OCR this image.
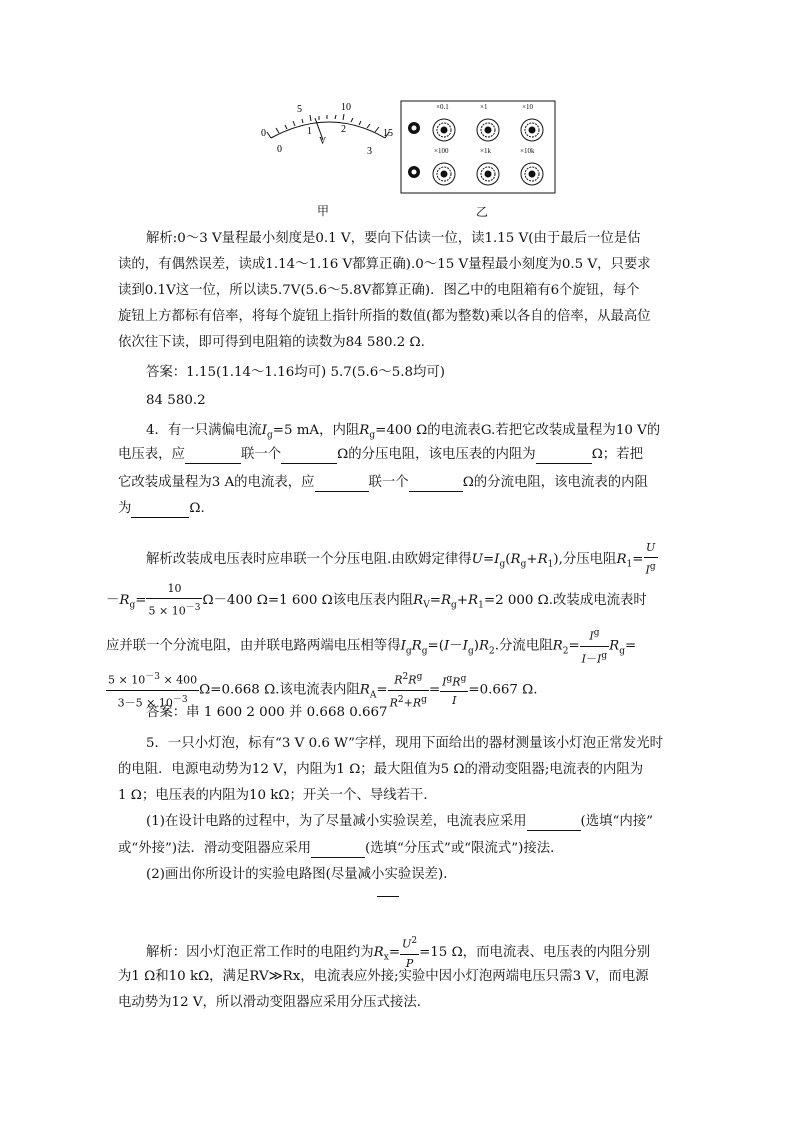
0
5	10
15
0
1	2
3
V
甲
×0.1	×1	×10
×100	×1k	×10k
乙
解析:0～3 V量程最小刻度是0.1 V，要向下估读一位，读1.15 V(由于最后一位是估
读的，有偶然误差，读成1.14～1.16 V都算正确).0～15 V量程最小刻度为0.5 V，只要求
读到0.1V这一位，所以读5.7V(5.6～5.8V都算正确)．图乙中的电阻箱有6个旋钮，每个
旋钮上方都标有倍率，将每个旋钮上指针所指的数值(都为整数)乘以各自的倍率，从最高位
依次往下读，即可得到电阻箱的读数为84 580.2 Ω.
答案：1.15(1.14～1.16均可) 5.7(5.6～5.8均可)
84 580.2
4．有一只满偏电流$I_g=5$ mA，内阻$R_g=400$ Ω的电流表G.若把它改装成量程为10 V的
电压表，应	联一个	Ω的分压电阻，该电压表的内阻为	Ω；若把
它改装成量程为3 A的电流表，应	联一个	Ω的分流电阻，该电流表的内阻
为	Ω.
解析改装成电压表时应串联一个分压电阻.由欧姆定律得$U=I_g(R_g+R_1)$,分压电阻$R_1= \frac{U}{I^g}$
$-R_g= \frac{10}{5 \times 10^{-3}} \Omega-400$ Ω=1 600 Ω该电压表内阻$R_V=R_g+R_1=2$ 000 Ω.改装成电流表时
应并联一个分流电阻，由并联电路两端电压相等得$I_gR_g=(I-I_g)R_2$.分流电阻$R_2= \frac{I^g}{I-I^g} R_g=$
$\frac{5 \times 10^{-3} \times 400}{3-5 \times 10^{-3}} \Omega=0.668$ Ω.该电流表内阻$R_A= \frac{R^2R^g}{R^2+R^g} = \frac{I^gR^g}{I} =0.667$ Ω.
答案：串 1 600 2 000 并 0.668 0.667
5．一只小灯泡，标有“3 V 0.6 W”字样，现用下面给出的器材测量该小灯泡正常发光时
的电阻．电源电动势为12 V，内阻为1 Ω；最大阻值为5 Ω的滑动变阻器;电流表的内阻为
1 Ω；电压表的内阻为10 kΩ；开关一个、导线若干．
(1)在设计电路的过程中，为了尽量减小实验误差，电流表应采用	(选填“内接”
或“外接”)法．滑动变阻器应采用	(选填“分压式”或“限流式”)接法．
(2)画出你所设计的实验电路图(尽量减小实验误差)．
解析：因小灯泡正常工作时的电阻约为$R_x= \frac{U^2}{P} =15$ Ω，而电流表、电压表的内阻分别
为1 Ω和10 kΩ，满足RV≫Rx，电流表应外接;实验中因小灯泡两端电压只需3 V，而电源
电动势为12 V，所以滑动变阻器应采用分压式接法．
